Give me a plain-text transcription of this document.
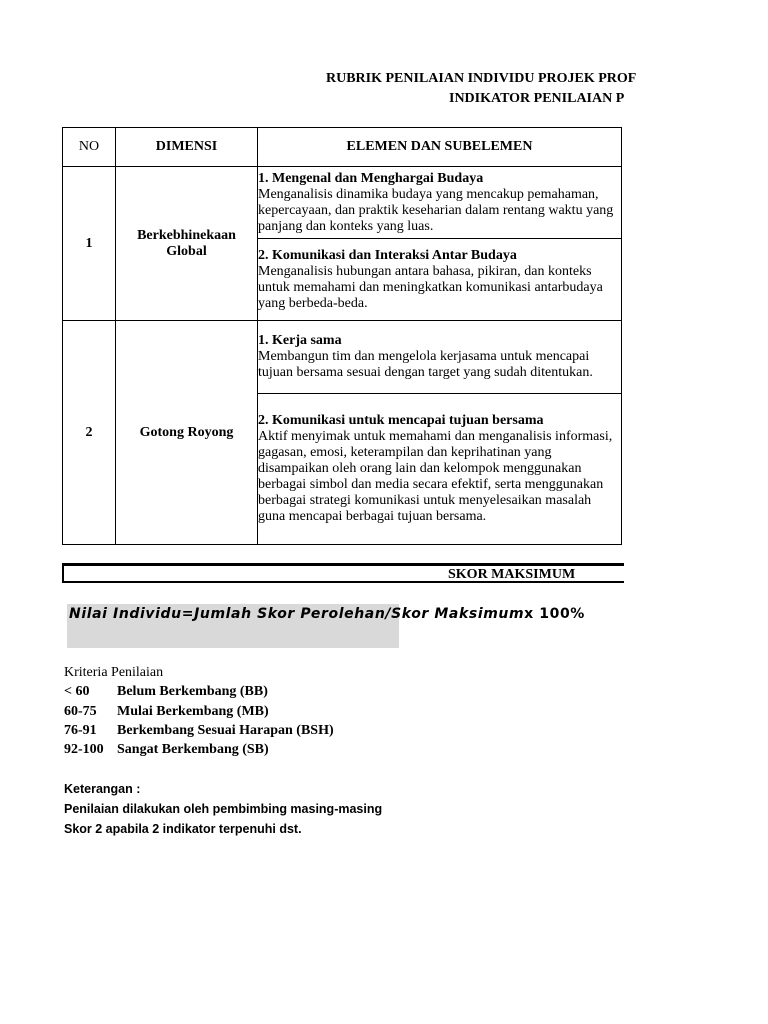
RUBRIK PENILAIAN INDIVIDU PROJEK PROF
INDIKATOR PENILAIAN P
NO	DIMENSI	ELEMEN DAN SUBELEMEN
1	Berkebhinekaan Global	1. Mengenal dan Menghargai Budaya
Menganalisis dinamika budaya yang mencakup pemahaman, kepercayaan, dan praktik keseharian dalam rentang waktu yang panjang dan konteks yang luas.

		2. Komunikasi dan Interaksi Antar Budaya
Menganalisis hubungan antara bahasa, pikiran, dan konteks untuk memahami dan meningkatkan komunikasi antarbudaya yang berbeda-beda.

2	Gotong Royong	1. Kerja sama
Membangun tim dan mengelola kerjasama untuk mencapai tujuan bersama sesuai dengan target yang sudah ditentukan.

		2. Komunikasi untuk mencapai tujuan bersama
Aktif menyimak untuk memahami dan menganalisis informasi, gagasan, emosi, keterampilan dan keprihatinan yang disampaikan oleh orang lain dan kelompok menggunakan berbagai simbol dan media secara efektif, serta menggunakan berbagai strategi komunikasi untuk menyelesaikan masalah guna mencapai berbagai tujuan bersama.
SKOR MAKSIMUM
Nilai Individu=Jumlah Skor Perolehan/Skor Maksimumx 100%
Kriteria Penilaian
< 60	Belum Berkembang (BB)
60-75	Mulai Berkembang (MB)
76-91	Berkembang Sesuai Harapan (BSH)
92-100 Sangat Berkembang (SB)
Keterangan :
Penilaian dilakukan oleh pembimbing masing-masing
Skor 2 apabila 2 indikator terpenuhi dst.
